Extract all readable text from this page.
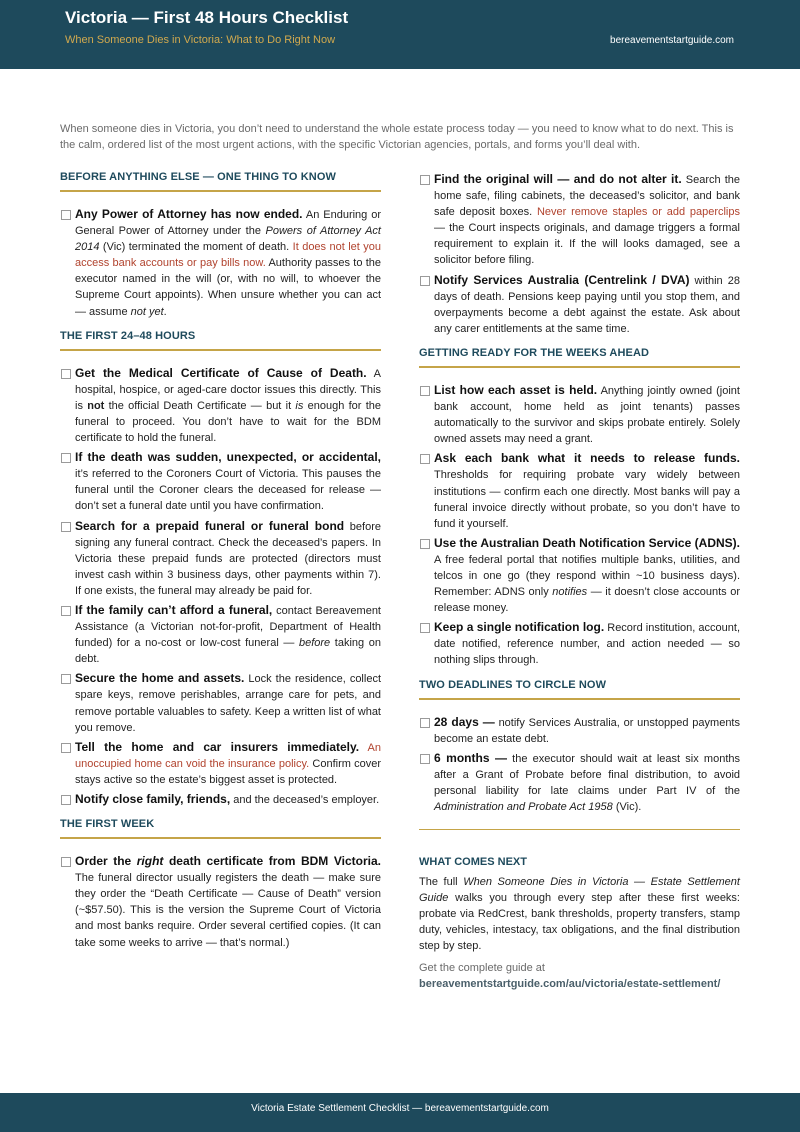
Victoria — First 48 Hours Checklist
When Someone Dies in Victoria: What to Do Right Now	bereavementstartguide.com

When someone dies in Victoria, you don’t need to understand the whole estate process today — you need to know what to do next. This is the calm, ordered list of the most urgent actions, with the specific Victorian agencies, portals, and forms you’ll deal with.

BEFORE ANYTHING ELSE — ONE THING TO KNOW
Any Power of Attorney has now ended. An Enduring or General Power of Attorney under the Powers of Attorney Act 2014 (Vic) terminated the moment of death. It does not let you access bank accounts or pay bills now. Authority passes to the executor named in the will (or, with no will, to whoever the Supreme Court appoints). When unsure whether you can act — assume not yet.
THE FIRST 24–48 HOURS
Get the Medical Certificate of Cause of Death. A hospital, hospice, or aged-care doctor issues this directly. This is not the official Death Certificate — but it is enough for the funeral to proceed. You don’t have to wait for the BDM certificate to hold the funeral.
If the death was sudden, unexpected, or accidental, it’s referred to the Coroners Court of Victoria. This pauses the funeral until the Coroner clears the deceased for release — don’t set a funeral date until you have confirmation.
Search for a prepaid funeral or funeral bond before signing any funeral contract. Check the deceased’s papers. In Victoria these prepaid funds are protected (directors must invest cash within 3 business days, other payments within 7). If one exists, the funeral may already be paid for.
If the family can’t afford a funeral, contact Bereavement Assistance (a Victorian not-for-profit, Department of Health funded) for a no-cost or low-cost funeral — before taking on debt.
Secure the home and assets. Lock the residence, collect spare keys, remove perishables, arrange care for pets, and remove portable valuables to safety. Keep a written list of what you remove.
Tell the home and car insurers immediately. An unoccupied home can void the insurance policy. Confirm cover stays active so the estate’s biggest asset is protected.
Notify close family, friends, and the deceased’s employer.
THE FIRST WEEK
Order the right death certificate from BDM Victoria. The funeral director usually registers the death — make sure they order the “Death Certificate — Cause of Death” version (~$57.50). This is the version the Supreme Court of Victoria and most banks require. Order several certified copies. (It can take some weeks to arrive — that’s normal.)
Find the original will — and do not alter it. Search the home safe, filing cabinets, the deceased’s solicitor, and bank safe deposit boxes. Never remove staples or add paperclips — the Court inspects originals, and damage triggers a formal requirement to explain it. If the will looks damaged, see a solicitor before filing.
Notify Services Australia (Centrelink / DVA) within 28 days of death. Pensions keep paying until you stop them, and overpayments become a debt against the estate. Ask about any carer entitlements at the same time.
GETTING READY FOR THE WEEKS AHEAD
List how each asset is held. Anything jointly owned (joint bank account, home held as joint tenants) passes automatically to the survivor and skips probate entirely. Solely owned assets may need a grant.
Ask each bank what it needs to release funds. Thresholds for requiring probate vary widely between institutions — confirm each one directly. Most banks will pay a funeral invoice directly without probate, so you don’t have to fund it yourself.
Use the Australian Death Notification Service (ADNS). A free federal portal that notifies multiple banks, utilities, and telcos in one go (they respond within ~10 business days). Remember: ADNS only notifies — it doesn’t close accounts or release money.
Keep a single notification log. Record institution, account, date notified, reference number, and action needed — so nothing slips through.
TWO DEADLINES TO CIRCLE NOW
28 days — notify Services Australia, or unstopped payments become an estate debt.
6 months — the executor should wait at least six months after a Grant of Probate before final distribution, to avoid personal liability for late claims under Part IV of the Administration and Probate Act 1958 (Vic).
WHAT COMES NEXT

The full When Someone Dies in Victoria — Estate Settlement Guide walks you through every step after these first weeks: probate via RedCrest, bank thresholds, property transfers, stamp duty, vehicles, intestacy, tax obligations, and the final distribution step by step.

Get the complete guide at

bereavementstartguide.com/au/victoria/estate-settlement/

Victoria Estate Settlement Checklist — bereavementstartguide.com
